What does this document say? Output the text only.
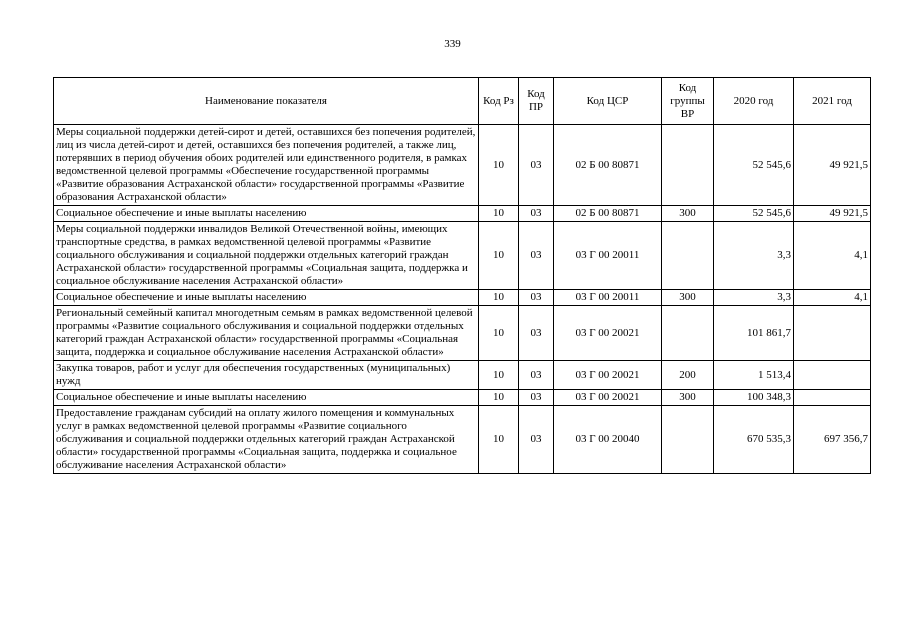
339
Наименование показателя	Код Рз	Код ПР	Код ЦСР	Код группы ВР	2020 год	2021 год
Меры социальной поддержки детей-сирот и детей, оставшихся без попечения родителей, лиц из числа детей-сирот и детей, оставшихся без попечения родителей, а также лиц, потерявших в период обучения обоих родителей или единственного родителя, в рамках ведомственной целевой программы «Обеспечение государственной программы «Развитие образования Астраханской области» государственной программы «Развитие образования Астраханской области»	10	03	02 Б 00 80871		52 545,6	49 921,5
Социальное обеспечение и иные выплаты населению	10	03	02 Б 00 80871	300	52 545,6	49 921,5
Меры социальной поддержки инвалидов Великой Отечественной войны, имеющих транспортные средства, в рамках ведомственной целевой программы «Развитие социального обслуживания и социальной поддержки отдельных категорий граждан Астраханской области» государственной программы «Социальная защита, поддержка и социальное обслуживание населения Астраханской области»	10	03	03 Г 00 20011		3,3	4,1
Социальное обеспечение и иные выплаты населению	10	03	03 Г 00 20011	300	3,3	4,1
Региональный семейный капитал многодетным семьям в рамках ведомственной целевой программы «Развитие социального обслуживания и социальной поддержки отдельных категорий граждан Астраханской области» государственной программы «Социальная защита, поддержка и социальное обслуживание населения Астраханской области»	10	03	03 Г 00 20021		101 861,7	
Закупка товаров, работ и услуг для обеспечения государственных (муниципальных) нужд	10	03	03 Г 00 20021	200	1 513,4	
Социальное обеспечение и иные выплаты населению	10	03	03 Г 00 20021	300	100 348,3	
Предоставление гражданам субсидий на оплату жилого помещения и коммунальных услуг в рамках ведомственной целевой программы «Развитие социального обслуживания и социальной поддержки отдельных категорий граждан Астраханской области» государственной программы «Социальная защита, поддержка и социальное обслуживание населения Астраханской области»	10	03	03 Г 00 20040		670 535,3	697 356,7
